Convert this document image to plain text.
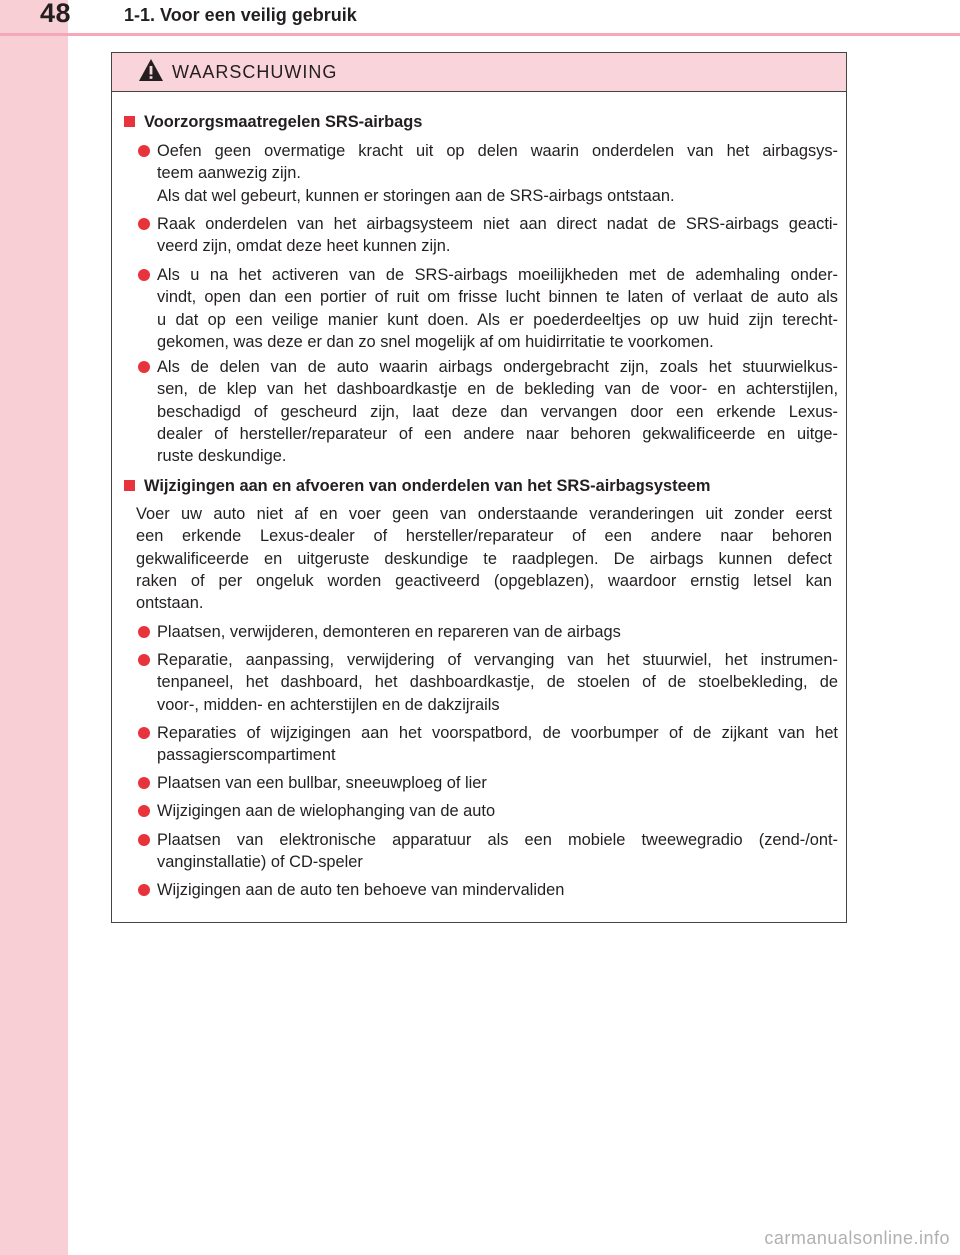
48	1-1. Voor een veilig gebruik
WAARSCHUWING
Voorzorgsmaatregelen SRS-airbags
Oefen geen overmatige kracht uit op delen waarin onderdelen van het airbagsys-
teem aanwezig zijn.
Als dat wel gebeurt, kunnen er storingen aan de SRS-airbags ontstaan.
Raak onderdelen van het airbagsysteem niet aan direct nadat de SRS-airbags geacti-
veerd zijn, omdat deze heet kunnen zijn.
Als u na het activeren van de SRS-airbags moeilijkheden met de ademhaling onder-
vindt, open dan een portier of ruit om frisse lucht binnen te laten of verlaat de auto als
u dat op een veilige manier kunt doen. Als er poederdeeltjes op uw huid zijn terecht-
gekomen, was deze er dan zo snel mogelijk af om huidirritatie te voorkomen.
Als de delen van de auto waarin airbags ondergebracht zijn, zoals het stuurwielkus-
sen, de klep van het dashboardkastje en de bekleding van de voor- en achterstijlen,
beschadigd of gescheurd zijn, laat deze dan vervangen door een erkende Lexus-
dealer of hersteller/reparateur of een andere naar behoren gekwalificeerde en uitge-
ruste deskundige.
Wijzigingen aan en afvoeren van onderdelen van het SRS-airbagsysteem
Voer uw auto niet af en voer geen van onderstaande veranderingen uit zonder eerst
een erkende Lexus-dealer of hersteller/reparateur of een andere naar behoren
gekwalificeerde en uitgeruste deskundige te raadplegen. De airbags kunnen defect
raken of per ongeluk worden geactiveerd (opgeblazen), waardoor ernstig letsel kan
ontstaan.
Plaatsen, verwijderen, demonteren en repareren van de airbags
Reparatie, aanpassing, verwijdering of vervanging van het stuurwiel, het instrumen-
tenpaneel, het dashboard, het dashboardkastje, de stoelen of de stoelbekleding, de
voor-, midden- en achterstijlen en de dakzijrails
Reparaties of wijzigingen aan het voorspatbord, de voorbumper of de zijkant van het
passagierscompartiment
Plaatsen van een bullbar, sneeuwploeg of lier
Wijzigingen aan de wielophanging van de auto
Plaatsen van elektronische apparatuur als een mobiele tweewegradio (zend-/ont-
vanginstallatie) of CD-speler
Wijzigingen aan de auto ten behoeve van mindervaliden
carmanualsonline.info
